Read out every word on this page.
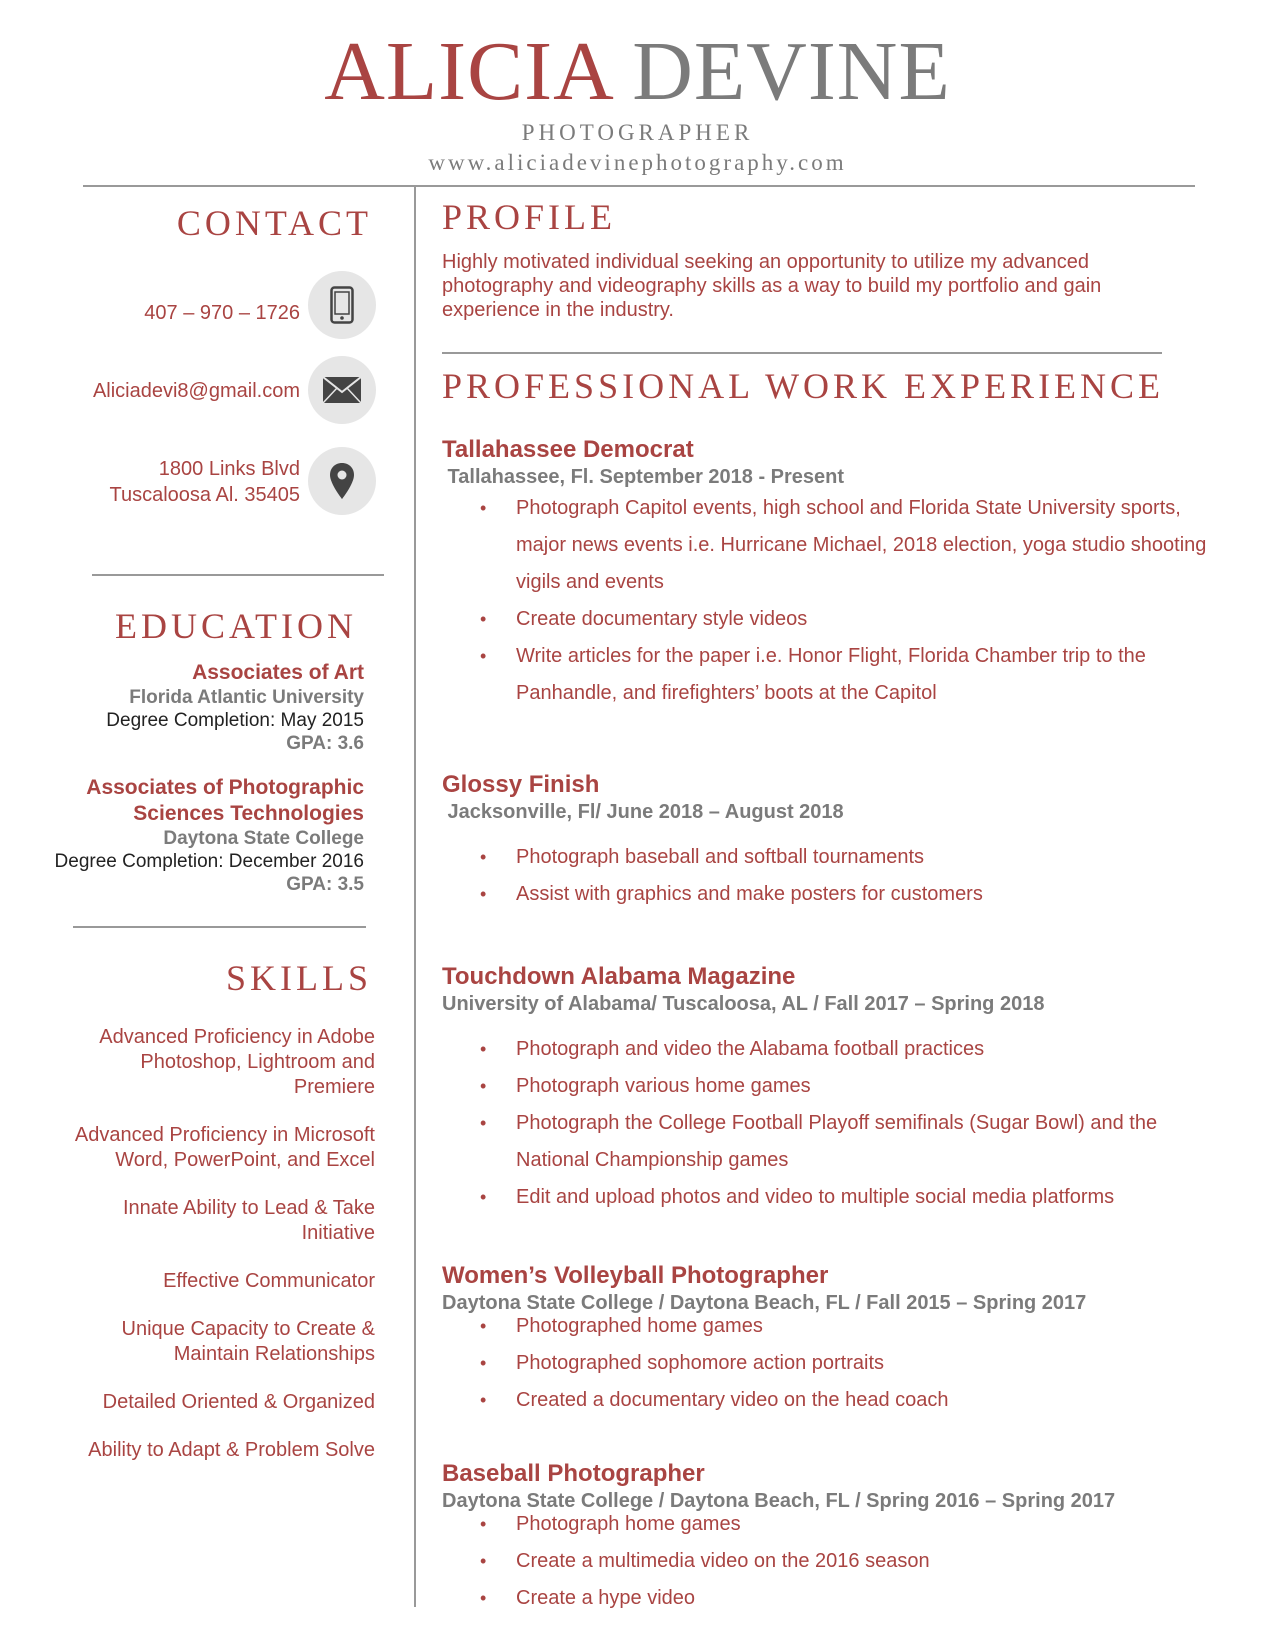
ALICIA DEVINE
PHOTOGRAPHER
www.aliciadevinephotography.com
CONTACT
407 – 970 – 1726
Aliciadevi8@gmail.com
1800 Links Blvd
Tuscaloosa Al. 35405
EDUCATION
Associates of Art
Florida Atlantic University
Degree Completion: May 2015
GPA: 3.6
Associates of Photographic
Sciences Technologies
Daytona State College
Degree Completion: December 2016
GPA: 3.5
SKILLS
Advanced Proficiency in Adobe Photoshop, Lightroom and Premiere
Advanced Proficiency in Microsoft Word, PowerPoint, and Excel
Innate Ability to Lead & Take Initiative
Effective Communicator
Unique Capacity to Create & Maintain Relationships
Detailed Oriented & Organized
Ability to Adapt & Problem Solve
PROFILE
Highly motivated individual seeking an opportunity to utilize my advanced photography and videography skills as a way to build my portfolio and gain experience in the industry.
PROFESSIONAL WORK EXPERIENCE
Tallahassee Democrat
Tallahassee, Fl. September 2018 - Present
• Photograph Capitol events, high school and Florida State University sports, major news events i.e. Hurricane Michael, 2018 election, yoga studio shooting vigils and events
• Create documentary style videos
• Write articles for the paper i.e. Honor Flight, Florida Chamber trip to the Panhandle, and firefighters’ boots at the Capitol
Glossy Finish
Jacksonville, Fl/ June 2018 – August 2018
• Photograph baseball and softball tournaments
• Assist with graphics and make posters for customers
Touchdown Alabama Magazine
University of Alabama/ Tuscaloosa, AL / Fall 2017 – Spring 2018
• Photograph and video the Alabama football practices
• Photograph various home games
• Photograph the College Football Playoff semifinals (Sugar Bowl) and the National Championship games
• Edit and upload photos and video to multiple social media platforms
Women’s Volleyball Photographer
Daytona State College / Daytona Beach, FL / Fall 2015 – Spring 2017
• Photographed home games
• Photographed sophomore action portraits
• Created a documentary video on the head coach
Baseball Photographer
Daytona State College / Daytona Beach, FL / Spring 2016 – Spring 2017
• Photograph home games
• Create a multimedia video on the 2016 season
• Create a hype video
